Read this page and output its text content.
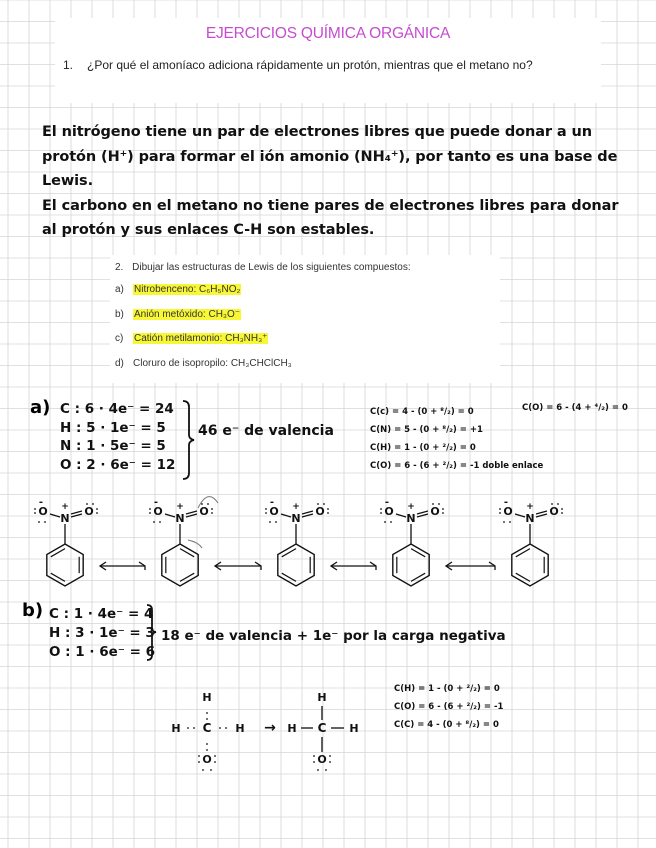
EJERCICIOS QUÍMICA ORGÁNICA
1. ¿Por qué el amoníaco adiciona rápidamente un protón, mientras que el metano no?

El nitrógeno tiene un par de electrones libres que puede donar a un

protón (H⁺) para formar el ión amonio (NH₄⁺), por tanto es una base de

Lewis.

El carbono en el metano no tiene pares de electrones libres para donar

al protón y sus enlaces C-H son estables.

2. Dibujar las estructuras de Lewis de los siguientes compuestos:
a)	Nitrobenceno: C₆H₅NO₂
b)	Anión metóxido: CH₃O⁻
c)	Catión metilamonio: CH₃NH₃⁺
d) Cloruro de isopropilo: CH₃CHClCH₃
a) C : 6 · 4e⁻ = 24
H : 5 · 1e⁻ = 5
N : 1 · 5e⁻ = 5
O : 2 · 6e⁻ = 12
46 e⁻ de valencia
C(c) = 4 - (0 + ⁸/₂) = 0
C(N) = 5 - (0 + ⁸/₂) = +1
C(H) = 1 - (0 + ²/₂) = 0
C(O) = 6 - (6 + ²/₂) = -1 doble enlace
C(O) = 6 - (4 + ⁴/₂) = 0
N
O	O
+
-
N
O	O
+
-
N
O	O
+
-
N
O	O
+
-
N
O	O
+
-
b) C : 1 · 4e⁻ = 4
H : 3 · 1e⁻ = 3
O : 1 · 6e⁻ = 6
18 e⁻ de valencia + 1e⁻ por la carga negativa
C(H) = 1 - (0 + ²/₂) = 0
C(O) = 6 - (6 + ²/₂) = -1
C(C) = 4 - (0 + ⁸/₂) = 0
H
H C H
O
→
H
H C H
O
